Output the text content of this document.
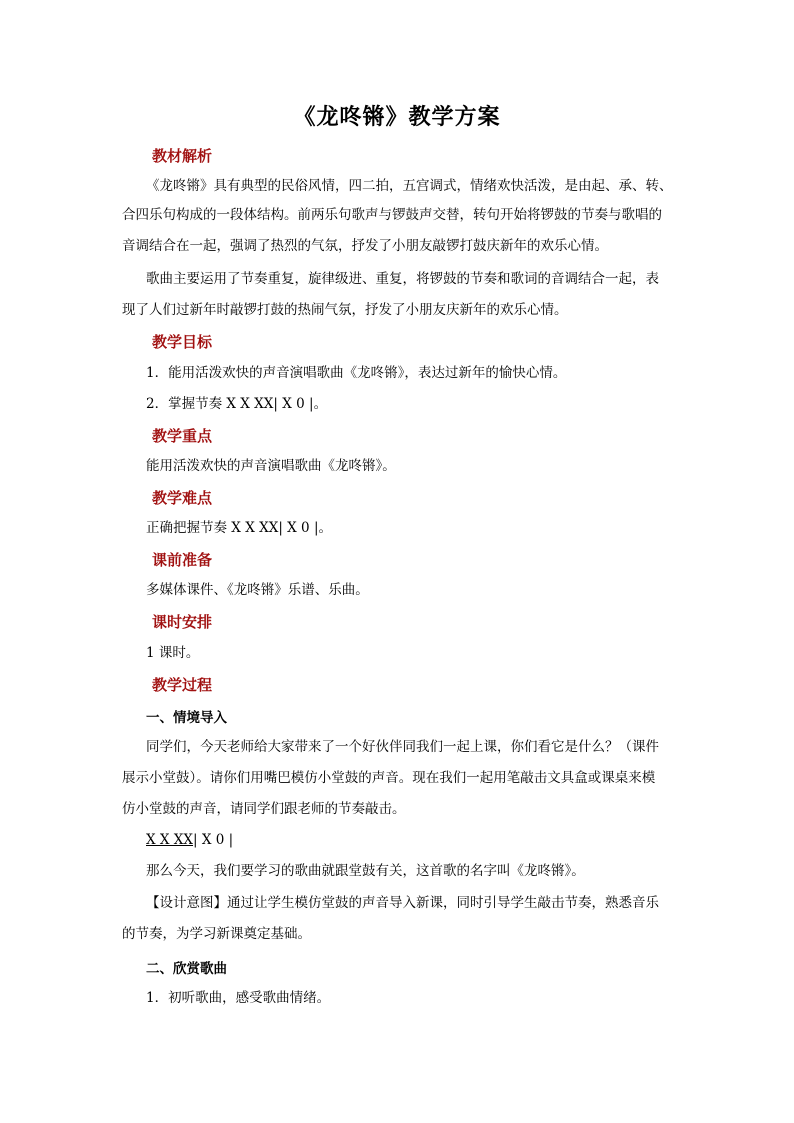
《龙咚锵》教学方案
教材解析
《龙咚锵》具有典型的民俗风情，四二拍，五宫调式，情绪欢快活泼，是由起、承、转、
合四乐句构成的一段体结构。前两乐句歌声与锣鼓声交替，转句开始将锣鼓的节奏与歌唱的
音调结合在一起，强调了热烈的气氛，抒发了小朋友敲锣打鼓庆新年的欢乐心情。
歌曲主要运用了节奏重复，旋律级进、重复，将锣鼓的节奏和歌词的音调结合一起，表
现了人们过新年时敲锣打鼓的热闹气氛，抒发了小朋友庆新年的欢乐心情。
教学目标
1．能用活泼欢快的声音演唱歌曲《龙咚锵》，表达过新年的愉快心情。
2．掌握节奏 X X XX| X 0 |。
教学重点
能用活泼欢快的声音演唱歌曲《龙咚锵》。
教学难点
正确把握节奏 X X XX| X 0 |。
课前准备
多媒体课件、《龙咚锵》乐谱、乐曲。
课时安排
1 课时。
教学过程
一、情境导入
同学们，今天老师给大家带来了一个好伙伴同我们一起上课，你们看它是什么？（课件
展示小堂鼓）。请你们用嘴巴模仿小堂鼓的声音。现在我们一起用笔敲击文具盒或课桌来模
仿小堂鼓的声音，请同学们跟老师的节奏敲击。
X X XX| X 0 |
那么今天，我们要学习的歌曲就跟堂鼓有关，这首歌的名字叫《龙咚锵》。
【设计意图】通过让学生模仿堂鼓的声音导入新课，同时引导学生敲击节奏，熟悉音乐
的节奏，为学习新课奠定基础。
二、欣赏歌曲
1．初听歌曲，感受歌曲情绪。
